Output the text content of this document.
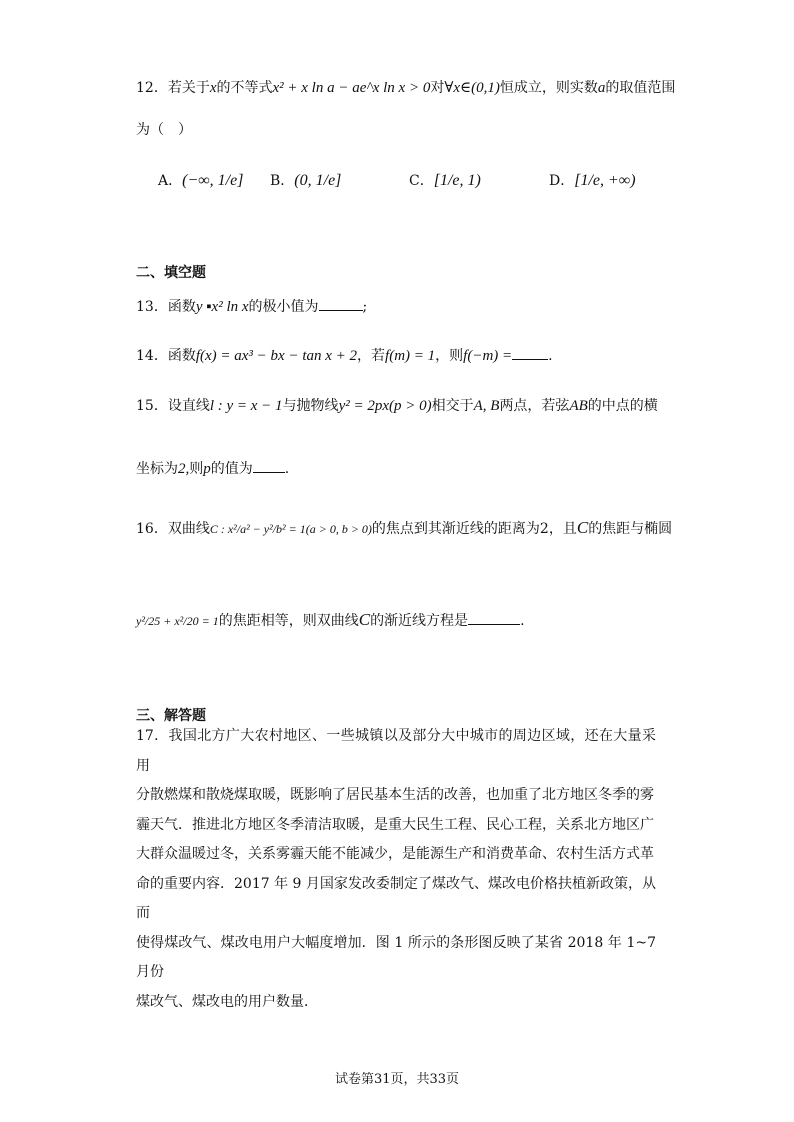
12．若关于x的不等式x² + x ln a − ae^x ln x > 0对∀x∈(0,1)恒成立，则实数a的取值范围
为（　）
A．(−∞, 1/e] B．(0, 1/e]	C．[1/e, 1)	D．[1/e, +∞)
二、填空题
13．函数y ▪x² ln x的极小值为	;
14．函数f(x) = ax³ − bx − tan x + 2，若f(m) = 1，则f(−m) =	.
15．设直线l : y = x − 1与抛物线y² = 2px(p > 0)相交于A, B两点，若弦AB的中点的横
坐标为2,则p的值为 .
16．双曲线C : x²/a² − y²/b² = 1(a > 0, b > 0)的焦点到其渐近线的距离为2，且C的焦距与椭圆
y²/25 + x²/20 = 1的焦距相等，则双曲线C的渐近线方程是	.
三、解答题
17．我国北方广大农村地区、一些城镇以及部分大中城市的周边区域，还在大量采用
分散燃煤和散烧煤取暖，既影响了居民基本生活的改善，也加重了北方地区冬季的雾
霾天气．推进北方地区冬季清洁取暖，是重大民生工程、民心工程，关系北方地区广
大群众温暖过冬，关系雾霾天能不能减少，是能源生产和消费革命、农村生活方式革
命的重要内容．2017 年 9 月国家发改委制定了煤改气、煤改电价格扶植新政策，从而
使得煤改气、煤改电用户大幅度增加．图 1 所示的条形图反映了某省 2018 年 1~7 月份
煤改气、煤改电的用户数量．
试卷第31页，共33页
